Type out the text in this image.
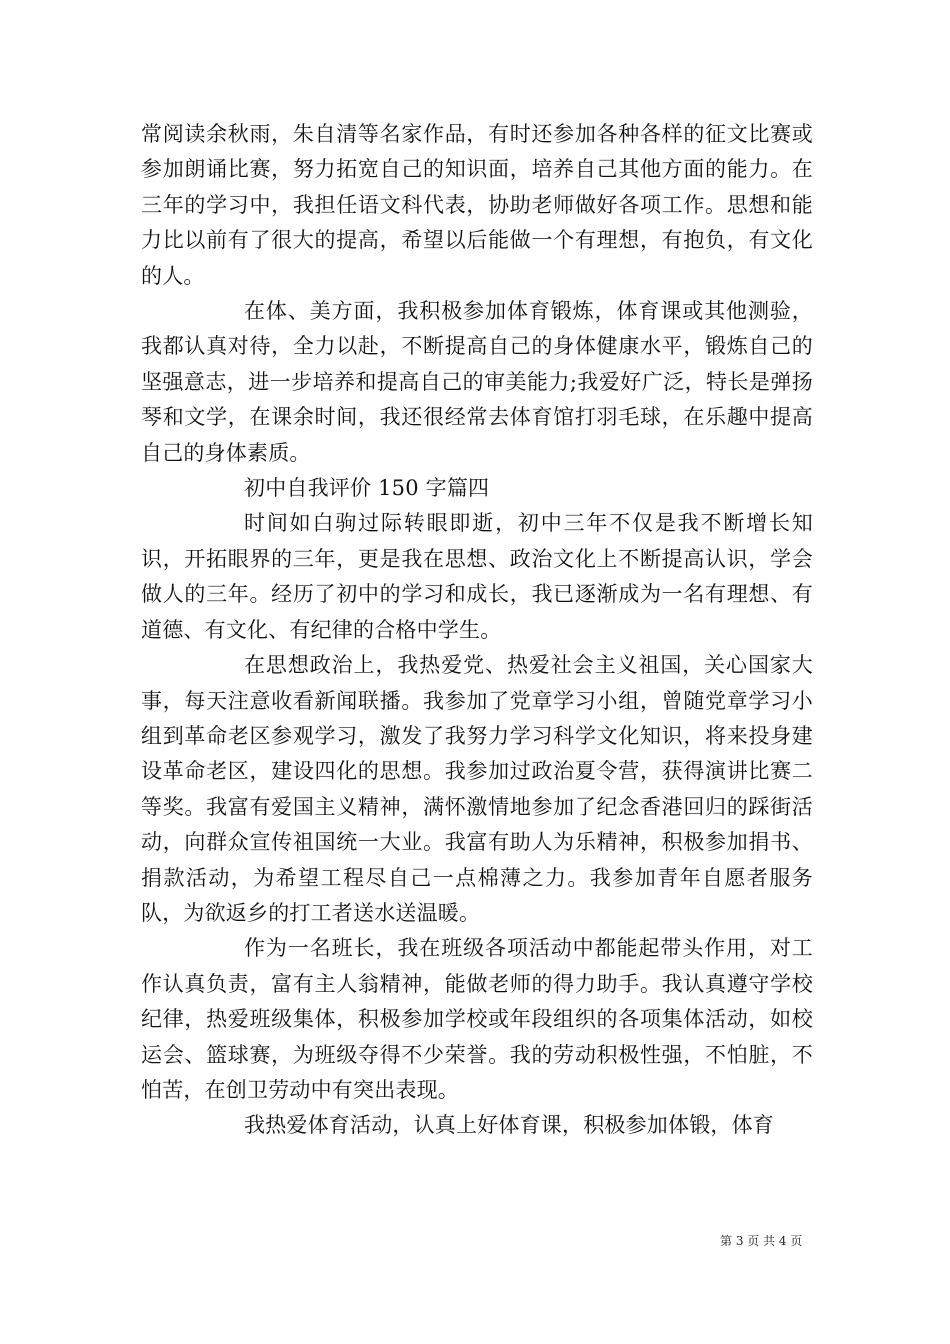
常阅读余秋雨，朱自清等名家作品，有时还参加各种各样的征文比赛或参加朗诵比赛，努力拓宽自己的知识面，培养自己其他方面的能力。在三年的学习中，我担任语文科代表，协助老师做好各项工作。思想和能力比以前有了很大的提高，希望以后能做一个有理想，有抱负，有文化的人。

在体、美方面，我积极参加体育锻炼，体育课或其他测验，我都认真对待，全力以赴，不断提高自己的身体健康水平，锻炼自己的坚强意志，进一步培养和提高自己的审美能力;我爱好广泛，特长是弹扬琴和文学，在课余时间，我还很经常去体育馆打羽毛球，在乐趣中提高自己的身体素质。

初中自我评价 150 字篇四

时间如白驹过际转眼即逝，初中三年不仅是我不断增长知识，开拓眼界的三年，更是我在思想、政治文化上不断提高认识，学会做人的三年。经历了初中的学习和成长，我已逐渐成为一名有理想、有道德、有文化、有纪律的合格中学生。

在思想政治上，我热爱党、热爱社会主义祖国，关心国家大事，每天注意收看新闻联播。我参加了党章学习小组，曾随党章学习小组到革命老区参观学习，激发了我努力学习科学文化知识，将来投身建设革命老区，建设四化的思想。我参加过政治夏令营，获得演讲比赛二等奖。我富有爱国主义精神，满怀激情地参加了纪念香港回归的踩街活动，向群众宣传祖国统一大业。我富有助人为乐精神，积极参加捐书、捐款活动，为希望工程尽自己一点棉薄之力。我参加青年自愿者服务队，为欲返乡的打工者送水送温暖。

作为一名班长，我在班级各项活动中都能起带头作用，对工作认真负责，富有主人翁精神，能做老师的得力助手。我认真遵守学校纪律，热爱班级集体，积极参加学校或年段组织的各项集体活动，如校运会、篮球赛，为班级夺得不少荣誉。我的劳动积极性强，不怕脏，不怕苦，在创卫劳动中有突出表现。

我热爱体育活动，认真上好体育课，积极参加体锻，体育

第 3 页 共 4 页
